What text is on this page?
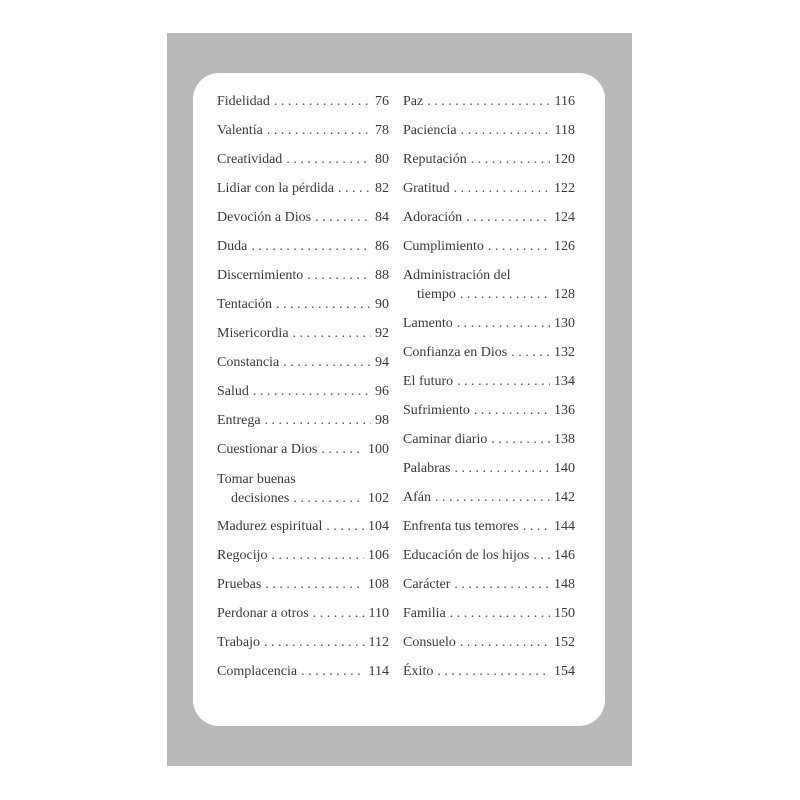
Fidelidad . . .	76
Valentía . . .	78
Creatividad . . .	80
Lidiar con la pérdida . . .	82
Devoción a Dios . . .	84
Duda . . .	86
Discernimiento . . .	88
Tentación . . .	90
Misericordia . . .	92
Constancia . . .	94
Salud . . .	96
Entrega . . .	98
Cuestionar a Dios . . .	100
Tomar buenas
decisiones . . .	102
Madurez espiritual . . .	104
Regocijo . . .	106
Pruebas . . .	108
Perdonar a otros . . .	110
Trabajo . . .	112
Complacencia . . .	114
Paz . . .	116
Paciencia . . .	118
Reputación . . .	120
Gratitud . . .	122
Adoración . . .	124
Cumplimiento . . .	126
Administración del
tiempo . . .	128
Lamento . . .	130
Confianza en Dios . . .	132
El futuro . . .	134
Sufrimiento . . .	136
Caminar diario . . .	138
Palabras . . .	140
Afán . . .	142
Enfrenta tus temores . . .	144
Educación de los hijos . . . 146
Carácter . . .	148
Familia . . .	150
Consuelo . . .	152
Éxito . . .	154
